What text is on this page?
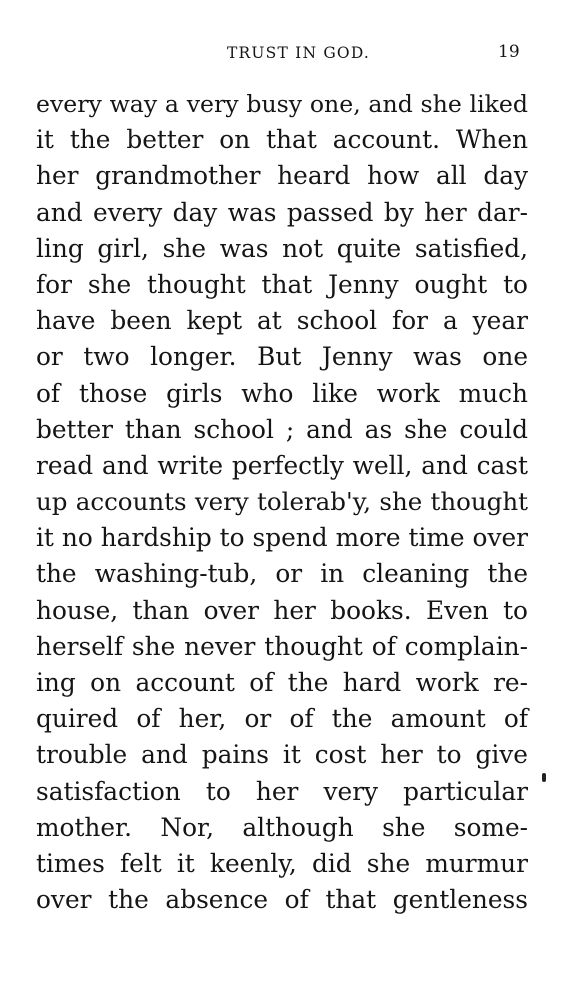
TRUST IN GOD.	19
every way a very busy one, and she liked
it the better on that account. When
her grandmother heard how all day
and every day was passed by her dar-
ling girl, she was not quite satisfied,
for she thought that Jenny ought to
have been kept at school for a year
or two longer. But Jenny was one
of those girls who like work much
better than school ; and as she could
read and write perfectly well, and cast
up accounts very tolerab'y, she thought
it no hardship to spend more time over
the washing-tub, or in cleaning the
house, than over her books. Even to
herself she never thought of complain-
ing on account of the hard work re-
quired of her, or of the amount of
trouble and pains it cost her to give
satisfaction to her very particular
mother. Nor, although she some-
times felt it keenly, did she murmur
over the absence of that gentleness
